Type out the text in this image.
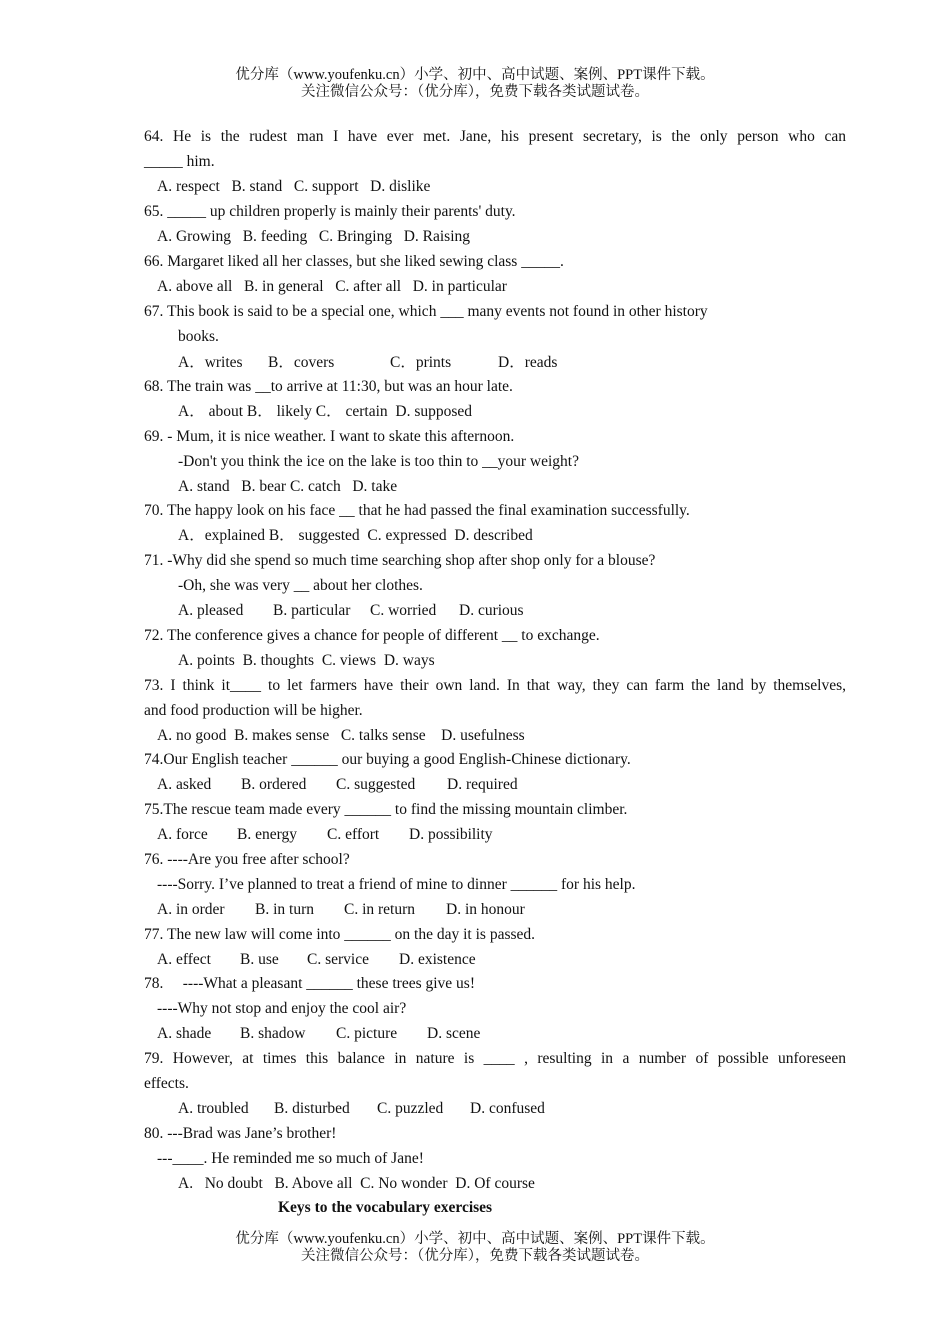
优分库（www.youfenku.cn）小学、初中、高中试题、案例、PPT课件下载。
关注微信公众号：（优分库），免费下载各类试题试卷。
64. He is the rudest man I have ever met. Jane, his present secretary, is the only person who can
_____ him.
A. respect B. stand C. support D. dislike
65. _____ up children properly is mainly their parents' duty.
A. Growing B. feeding C. Bringing D. Raising
66. Margaret liked all her classes, but she liked sewing class _____.
A. above all B. in general C. after all D. in particular
67. This book is said to be a special one, which ___ many events not found in other history
books.
A．writes B．covers	C．prints	D．reads
68. The train was __to arrive at 11:30, but was an hour late.
A． about B． likely C． certain D. supposed
69. - Mum, it is nice weather. I want to skate this afternoon.
-Don't you think the ice on the lake is too thin to __your weight?
A. stand B. bear C. catch D. take
70. The happy look on his face __ that he had passed the final examination successfully.
A．explained B． suggested C. expressed D. described
71. -Why did she spend so much time searching shop after shop only for a blouse?
-Oh, she was very __ about her clothes.
A. pleased B. particular C. worried D. curious
72. The conference gives a chance for people of different __ to exchange.
A. points B. thoughts C. views D. ways
73. I think it____ to let farmers have their own land. In that way, they can farm the land by themselves,
and food production will be higher.
A. no good B. makes sense C. talks sense D. usefulness
74.Our English teacher ______ our buying a good English-Chinese dictionary.
A. asked B. ordered C. suggested D. required
75.The rescue team made every ______ to find the missing mountain climber.
A. force B. energy C. effort D. possibility
76. ----Are you free after school?
----Sorry. I’ve planned to treat a friend of mine to dinner ______ for his help.
A. in order B. in turn C. in return D. in honour
77. The new law will come into ______ on the day it is passed.
A. effect B. use C. service D. existence
78.     ----What a pleasant ______ these trees give us!
----Why not stop and enjoy the cool air?
A. shade B. shadow C. picture D. scene
79. However, at times this balance in nature is ____ , resulting in a number of possible unforeseen
effects.
A. troubled B. disturbed C. puzzled D. confused
80. ---Brad was Jane’s brother!
---____. He reminded me so much of Jane!
A.   No doubt B. Above all C. No wonder D. Of course
Keys to the vocabulary exercises
优分库（www.youfenku.cn）小学、初中、高中试题、案例、PPT课件下载。
关注微信公众号：（优分库），免费下载各类试题试卷。
